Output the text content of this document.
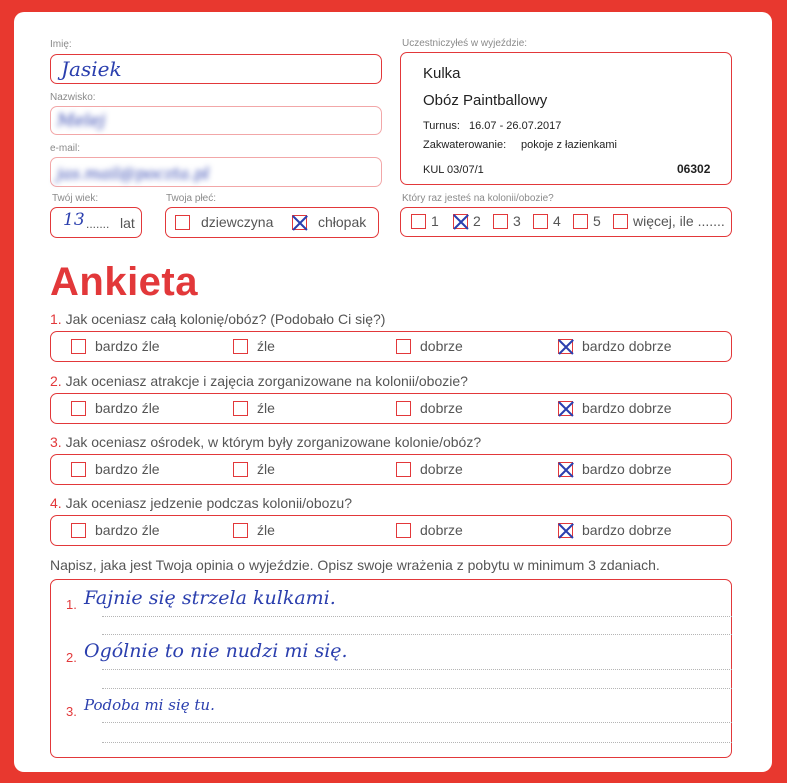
Imię:
Jasiek
Nazwisko:
Melej
e-mail:
jas.mail@poczta.pl
Twój wiek:
13 ....... lat
Twoja płeć:
dziewczyna	chłopak
Uczestniczyłeś w wyjeździe:
Kulka
Obóz Paintballowy
Turnus: 16.07 - 26.07.2017
Zakwaterowanie: pokoje z łazienkami
KUL 03/07/1	06302
Który raz jesteś na kolonii/obozie?
1 2 3 4 5 więcej, ile .......
Ankieta
1. Jak oceniasz całą kolonię/obóz? (Podobało Ci się?)
bardzo źle	źle	dobrze	bardzo dobrze
2. Jak oceniasz atrakcje i zajęcia zorganizowane na kolonii/obozie?
bardzo źle	źle	dobrze	bardzo dobrze
3. Jak oceniasz ośrodek, w którym były zorganizowane kolonie/obóz?
bardzo źle	źle	dobrze	bardzo dobrze
4. Jak oceniasz jedzenie podczas kolonii/obozu?
bardzo źle	źle	dobrze	bardzo dobrze
Napisz, jaka jest Twoja opinia o wyjeździe. Opisz swoje wrażenia z pobytu w minimum 3 zdaniach.
1. Fajnie się strzela kulkami.
2. Ogólnie to nie nudzi mi się.
3. Podoba mi się tu.
